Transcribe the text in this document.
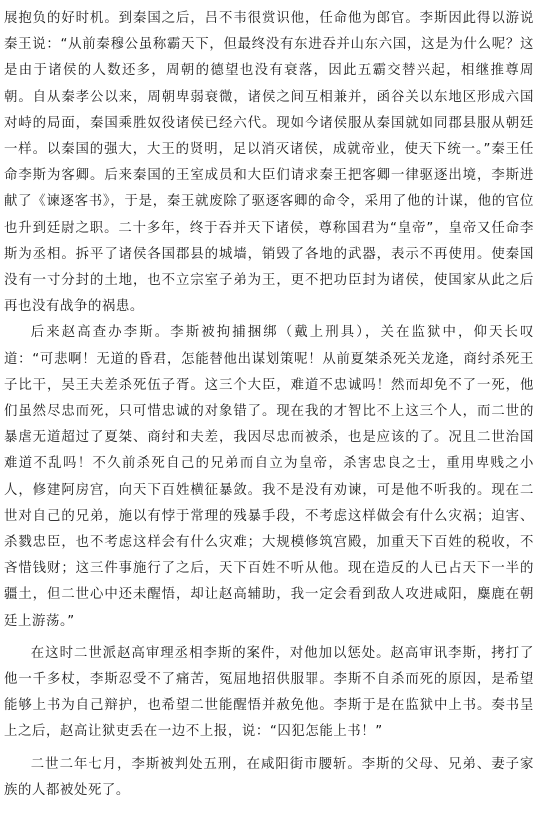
展抱负的好时机。到秦国之后，吕不韦很赏识他，任命他为郎官。李斯因此得以游说秦王说：“从前秦穆公虽称霸天下，但最终没有东进吞并山东六国，这是为什么呢？这是由于诸侯的人数还多，周朝的德望也没有衰落，因此五霸交替兴起，相继推尊周朝。自从秦孝公以来，周朝卑弱衰微，诸侯之间互相兼并，函谷关以东地区形成六国对峙的局面，秦国乘胜奴役诸侯已经六代。现如今诸侯服从秦国就如同郡县服从朝廷一样。以秦国的强大，大王的贤明，足以消灭诸侯，成就帝业，使天下统一。”秦王任命李斯为客卿。后来秦国的王室成员和大臣们请求秦王把客卿一律驱逐出境，李斯进献了《谏逐客书》，于是，秦王就废除了驱逐客卿的命令，采用了他的计谋，他的官位也升到廷尉之职。二十多年，终于吞并天下诸侯，尊称国君为“皇帝”，皇帝又任命李斯为丞相。拆平了诸侯各国郡县的城墙，销毁了各地的武器，表示不再使用。使秦国没有一寸分封的土地，也不立宗室子弟为王，更不把功臣封为诸侯，使国家从此之后再也没有战争的祸患。

后来赵高查办李斯。李斯被拘捕捆绑（戴上刑具），关在监狱中，仰天长叹道：“可悲啊！无道的昏君，怎能替他出谋划策呢！从前夏桀杀死关龙逄，商纣杀死王子比干，吴王夫差杀死伍子胥。这三个大臣，难道不忠诚吗！然而却免不了一死，他们虽然尽忠而死，只可惜忠诚的对象错了。现在我的才智比不上这三个人，而二世的暴虐无道超过了夏桀、商纣和夫差，我因尽忠而被杀，也是应该的了。况且二世治国难道不乱吗！不久前杀死自己的兄弟而自立为皇帝，杀害忠良之士，重用卑贱之小人，修建阿房宫，向天下百姓横征暴敛。我不是没有劝谏，可是他不听我的。现在二世对自己的兄弟，施以有悖于常理的残暴手段，不考虑这样做会有什么灾祸；迫害、杀戮忠臣，也不考虑这样会有什么灾难；大规模修筑宫殿，加重天下百姓的税收，不吝惜钱财；这三件事施行了之后，天下百姓不听从他。现在造反的人已占天下一半的疆土，但二世心中还未醒悟，却让赵高辅助，我一定会看到敌人攻进咸阳，麋鹿在朝廷上游荡。”

在这时二世派赵高审理丞相李斯的案件，对他加以惩处。赵高审讯李斯，拷打了他一千多杖，李斯忍受不了痛苦，冤屈地招供服罪。李斯不自杀而死的原因，是希望能够上书为自己辩护，也希望二世能醒悟并赦免他。李斯于是在监狱中上书。奏书呈上之后，赵高让狱吏丢在一边不上报，说：“囚犯怎能上书！”

二世二年七月，李斯被判处五刑，在咸阳街市腰斩。李斯的父母、兄弟、妻子家族的人都被处死了。
